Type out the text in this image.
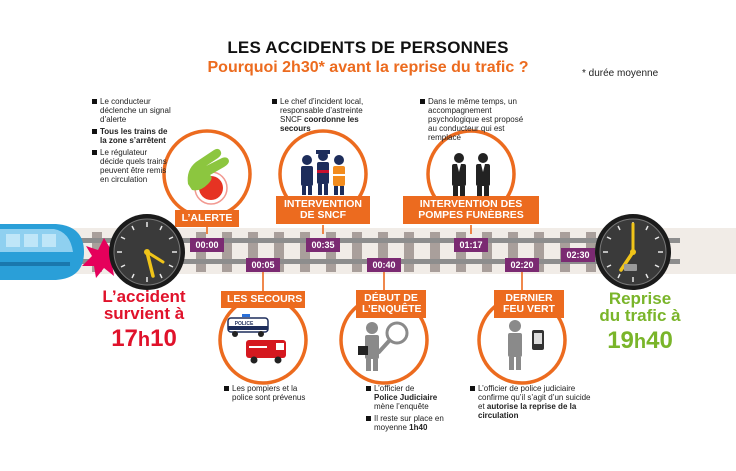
POLICE
LES ACCIDENTS DE PERSONNES
Pourquoi 2h30* avant la reprise du trafic ?	* durée moyenne
Le conducteur déclenche un signal d’alerte
Tous les trains de la zone s’arrêtent
Le régulateur décide quels trains peuvent être remis en circulation
Le chef d’incident local, responsable d’astreinte SNCF coordonne les secours
Dans le même temps, un accompagnement psychologique est proposé au conducteur qui est remplacé
Les pompiers et la police sont prévenus
L’officier de
Police Judiciaire
mène l’enquête
Il reste sur place en moyenne 1h40
L’officier de police judiciaire confirme qu’il s’agit d’un suicide et autorise la reprise de la circulation
L’ALERTE
INTERVENTION
DE SNCF
INTERVENTION DES
POMPES FUNÈBRES
LES SECOURS	DÉBUT DE
L’ENQUÊTE
DERNIER
FEU VERT
00:00
00:05
00:35
00:40
01:17
02:20
02:30
L’accident
survient à
17h10
Reprise
du trafic à
19h40
